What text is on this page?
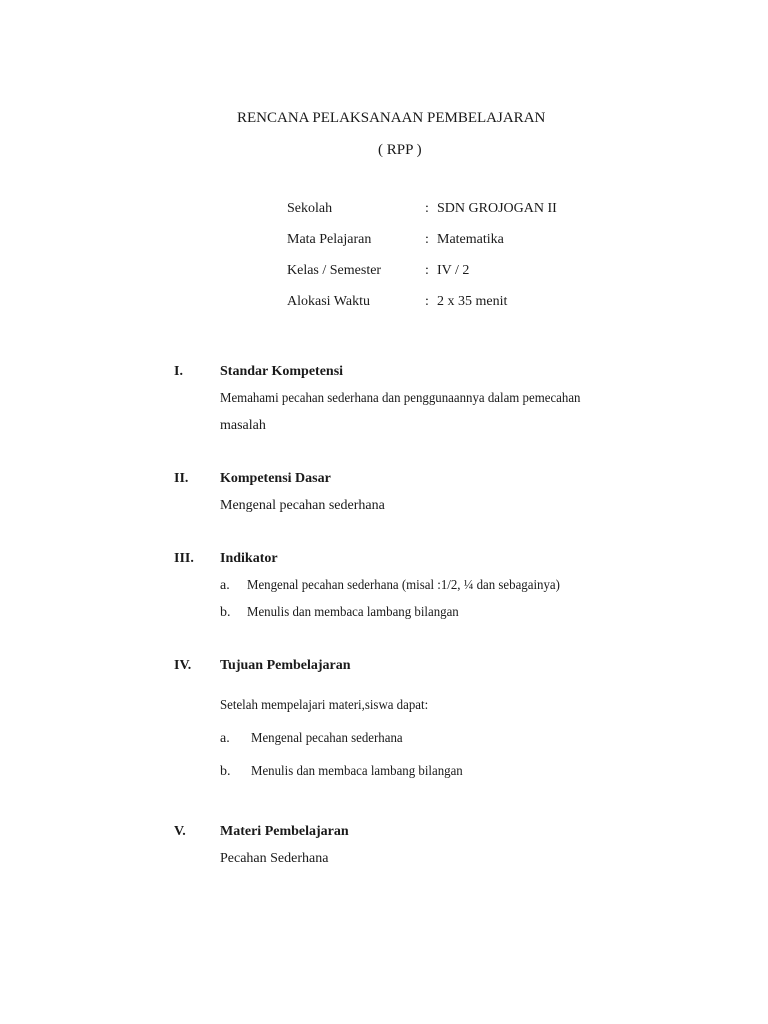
RENCANA PELAKSANAAN PEMBELAJARAN
( RPP )
Sekolah	: SDN GROJOGAN II
Mata Pelajaran	: Matematika
Kelas / Semester	: IV / 2
Alokasi Waktu	: 2 x 35 menit
I.	Standar Kompetensi
Memahami pecahan sederhana dan penggunaannya dalam pemecahan
masalah
II. Kompetensi Dasar
Mengenal pecahan sederhana
III. Indikator
a. Mengenal pecahan sederhana (misal :1/2, ¼ dan sebagainya)
b. Menulis dan membaca lambang bilangan
IV. Tujuan Pembelajaran
Setelah mempelajari materi,siswa dapat:
a. Mengenal pecahan sederhana
b. Menulis dan membaca lambang bilangan
V. Materi Pembelajaran
Pecahan Sederhana
